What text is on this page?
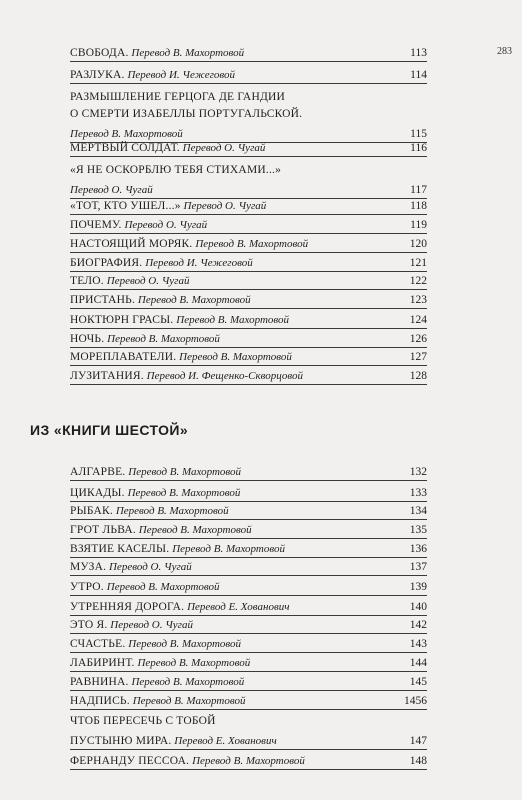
283
СВОБОДА. Перевод В. Махортовой	113
РАЗЛУКА. Перевод И. Чежеговой	114
РАЗМЫШЛЕНИЕ ГЕРЦОГА ДЕ ГАНДИИ
О СМЕРТИ ИЗАБЕЛЛЫ ПОРТУГАЛЬСКОЙ.
Перевод В. Махортовой	115
МЕРТВЫЙ СОЛДАТ. Перевод О. Чугай	116
«Я НЕ ОСКОРБЛЮ ТЕБЯ СТИХАМИ...»
Перевод О. Чугай	117
«ТОТ, КТО УШЕЛ...» Перевод О. Чугай	118
ПОЧЕМУ. Перевод О. Чугай	119
НАСТОЯЩИЙ МОРЯК. Перевод В. Махортовой	120
БИОГРАФИЯ. Перевод И. Чежеговой	121
ТЕЛО. Перевод О. Чугай	122
ПРИСТАНЬ. Перевод В. Махортовой	123
НОКТЮРН ГРАСЫ. Перевод В. Махортовой	124
НОЧЬ. Перевод В. Махортовой	126
МОРЕПЛАВАТЕЛИ. Перевод В. Махортовой	127
ЛУЗИТАНИЯ. Перевод И. Фещенко-Скворцовой	128
АЛГАРВЕ. Перевод В. Махортовой	132
ЦИКАДЫ. Перевод В. Махортовой	133
РЫБАК. Перевод В. Махортовой	134
ГРОТ ЛЬВА. Перевод В. Махортовой	135
ВЗЯТИЕ КАСЕЛЫ. Перевод В. Махортовой	136
МУЗА. Перевод О. Чугай	137
УТРО. Перевод В. Махортовой	139
УТРЕННЯЯ ДОРОГА. Перевод Е. Хованович	140
ЭТО Я. Перевод О. Чугай	142
СЧАСТЬЕ. Перевод В. Махортовой	143
ЛАБИРИНТ. Перевод В. Махортовой	144
РАВНИНА. Перевод В. Махортовой	145
НАДПИСЬ. Перевод В. Махортовой	1456
ЧТОБ ПЕРЕСЕЧЬ С ТОБОЙ
ПУСТЫНЮ МИРА. Перевод Е. Хованович	147
ФЕРНАНДУ ПЕССОА. Перевод В. Махортовой	148
ИЗ «КНИГИ ШЕСТОЙ»
